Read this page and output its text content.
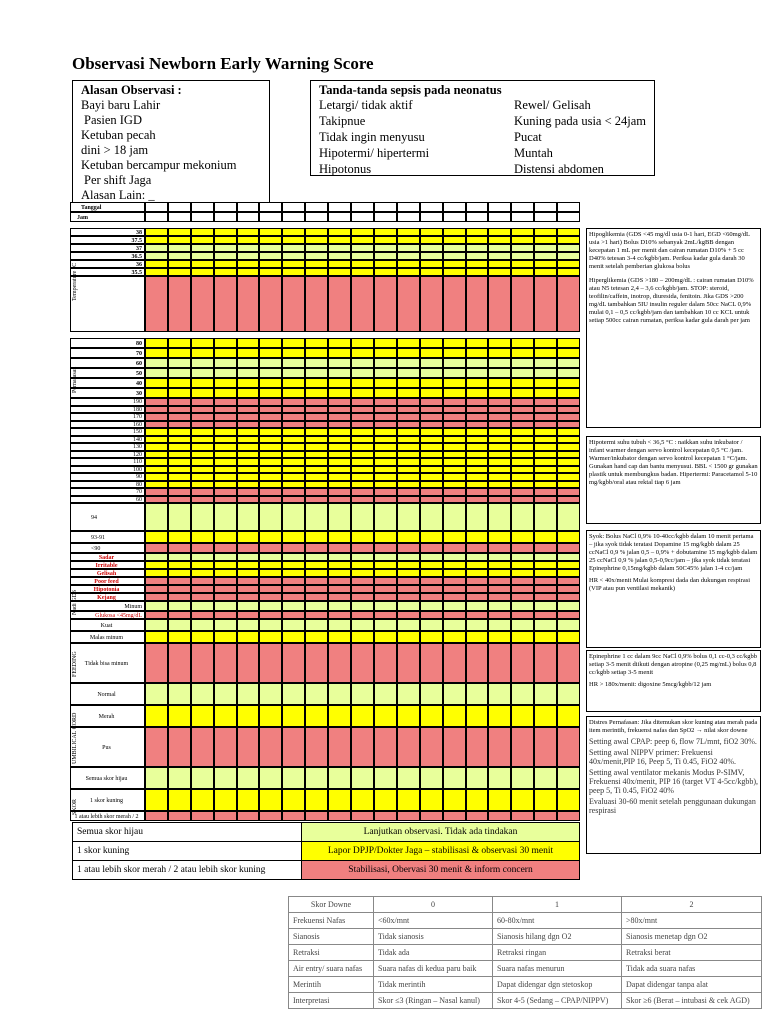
Observasi Newborn Early Warning Score
Alasan Observasi :
Bayi baru Lahir
Pasien IGD
Ketuban pecah
dini > 18 jam
Ketuban bercampur mekonium
Per shift Jaga
Alasan Lain: _
Tanda-tanda sepsis pada neonatus
Letargi/ tidak aktif	Rewel/ Gelisah
Takipnue	Kuning pada usia < 24jam
Tidak ingin menyusu	Pucat
Hipotermi/ hipertermi	Muntah
Hipotonus	Distensi abdomen
Tanggal
Jam
38
37.5
37
36.5
36
35.5
80
70
60
50
40
30
190
180
170
160
150
140
130
120
110
100
90
80
70
60
94
93-91
<90
Sadar
Irritable
Gelisah
Poor feed
Hipotonia
Kejang
Minum
Glukosa <45mg/dL
Kuat
Malas minum
Tidak bisa minum
Normal
Merah
Pus
Semua skor hijau
1 skor kuning
1 atau lebih skor merah / 2
Temperature °C
Pernafasan
Nadi GDS
FEEDING
UMBILICAL CORD
SKOR
Hipoglikemia (GDS <45 mg/dl usia 0-1 hari, EGD <60mg/dL usia >1 hari) Bolus D10% sebanyak 2mL/kgBB dengan kecepatan 1 mL per menit dan cairan rumatan D10% + 5 cc D40% tetesan 3-4 cc/kgbb/jam. Periksa kadar gula darah 30 menit setelah pemberian glukosa bolus
Hiperglikemia (GDS >180 – 200mg/dL : cairan rumatan D10% atau N5 tetesan 2,4 – 3,6 cc/kgbb/jam. STOP: steroid, teofilin/caffein, inotrop, diuresida, fenitoin. Jika GDS >200 mg/dL tambahkan 5IU insulin reguler dalam 50cc NaCL 0,9% mulai 0,1 – 0,5 cc/kgbb/jam dan tambahkan 10 cc KCL untuk setiap 500cc cairan rumatan, periksa kadar gula darah per jam
Hipotermi suhu tubuh < 36,5 °C : naikkan suhu inkubator / infant warmer dengan servo kontrol kecepatan 0,5 °C /jam. Warmer/inkubator dengan servo kontrol kecepatan 1 °C/jam. Gunakan hand cap dan bantu menyusui. BBL < 1500 gr gunakan plastik untuk membungkus badan. Hipertermi: Paracetamol 5-10 mg/kgbb/oral atau rektal tiap 6 jam
Syok: Bolus NaCl 0,9% 10-40cc/kgbb dalam 10 menit pertama – jika syok tidak teratasi Dopamine 15 mg/kgbb dalam 25 ccNaCl 0,9 % jalan 0,5 – 0,9% + dobutamine 15 mg/kgbb dalam 25 ccNaCl 0,9 % jalan 0,5-0,9cc/jam – jika syok tidak teratasi Epinephrine 0,15mg/kgbb dalam 50C45% jalan 1-4 cc/jam
HR < 40x/menit Mulai kompresi dada dan dukungan respirasi (VIP atau pun ventilasi mekanik)
Epinephrine 1 cc dalam 9cc NaCl 0,9% bolus 0,1 cc-0,3 cc/kgbb setiap 3-5 menit diikuti dengan atropine (0,25 mg/mL) bolus 0,8 cc/kgbb setiap 3-5 menit
HR > 180x/menit: digoxine 5mcg/kgbb/12 jam
Distres Pernafasan: Jika ditemukan skor kuning atau merah pada item merintih, frekuensi nafas dan SpO2 → nilai skor downe
Setting awal CPAP: peep 6, flow 7L/mnt, fiO2 30%.
Setting awal NIPPV primer: Frekuensi 40x/menit,PIP 16, Peep 5, Ti 0.45, FiO2 40%.
Setting awal ventilator mekanis Modus P-SIMV, Frekuensi 40x/menit, PIP 16 (target VT 4-5cc/kgbb), peep 5, Ti 0.45, FiO2 40%
Evaluasi 30-60 menit setelah penggunaan dukungan respirasi
Semua skor hijau	Lanjutkan observasi. Tidak ada tindakan
1 skor kuning	Lapor DPJP/Dokter Jaga – stabilisasi & observasi 30 menit
1 atau lebih skor merah / 2 atau lebih skor kuning	Stabilisasi, Obervasi 30 menit & inform concern
Skor Downe	0	1	2
Frekuensi Nafas	<60x/mnt	60-80x/mnt	>80x/mnt
Sianosis	Tidak sianosis	Sianosis hilang dgn O2	Sianosis menetap dgn O2
Retraksi	Tidak ada	Retraksi ringan	Retraksi berat
Air entry/ suara nafas	Suara nafas di kedua paru baik	Suara nafas menurun	Tidak ada suara nafas
Merintih	Tidak merintih	Dapat didengar dgn stetoskop	Dapat didengar tanpa alat
Interpretasi	Skor ≤3 (Ringan – Nasal kanul)	Skor 4-5 (Sedang – CPAP/NIPPV)	Skor ≥6 (Berat – intubasi & cek AGD)
